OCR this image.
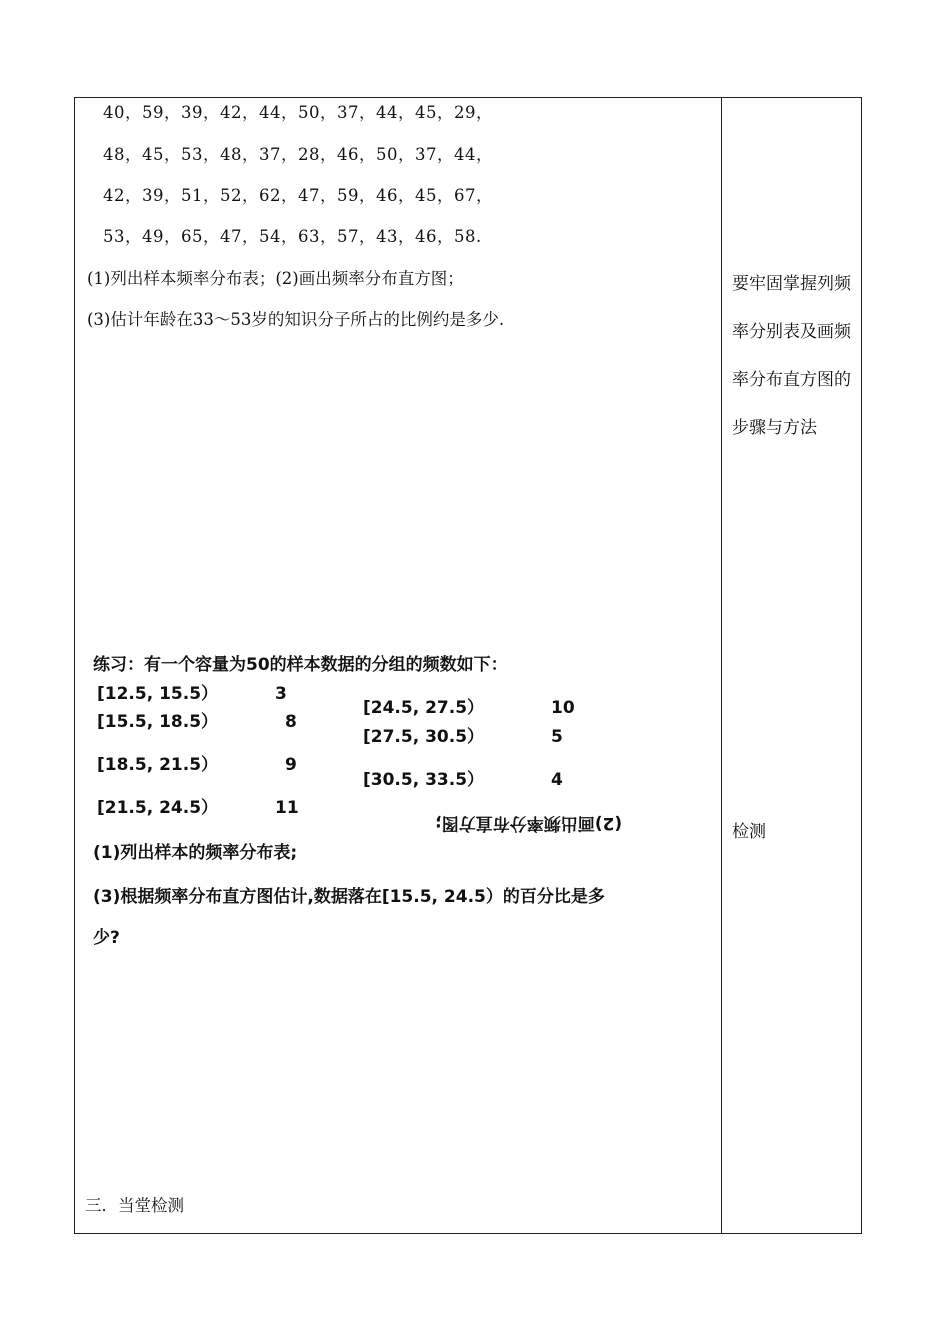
40，59，39，42，44，50，37，44，45，29，
48，45，53，48，37，28，46，50，37，44，
42，39，51，52，62，47，59，46，45，67，
53，49，65，47，54，63，57，43，46，58.
(1)列出样本频率分布表；(2)画出频率分布直方图；
(3)估计年龄在33～53岁的知识分子所占的比例约是多少.
练习：有一个容量为50的样本数据的分组的频数如下：
[12.5, 15.5）	3
[15.5, 18.5）	8
[18.5, 21.5）	9
[21.5, 24.5）	11
[24.5, 27.5）	10
[27.5, 30.5）	5
[30.5, 33.5）	4
(2)画出频率分布直方图;
(1)列出样本的频率分布表;
(3)根据频率分布直方图估计,数据落在[15.5, 24.5）的百分比是多
少?
三．当堂检测
要牢固掌握列频率分别表及画频率分布直方图的步骤与方法
检测
